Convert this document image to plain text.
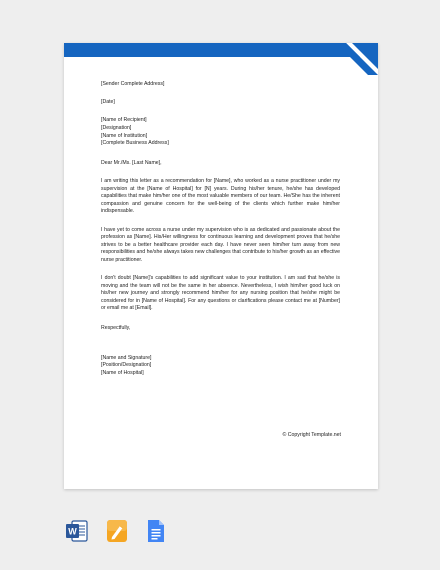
[Sender Complete Address]
[Date]
[Name of Recipient]
[Designation]
[Name of Institution]
[Complete Business Address]
Dear Mr./Ms. [Last Name],

I am writing this letter as a recommendation for [Name], who worked as a nurse practitioner under my supervision at the [Name of Hospital] for [N] years. During his/her tenure, he/she has developed capabilities that make him/her one of the most valuable members of our team. He/She has the inherent compassion and genuine concern for the well-being of the clients which further make him/her indispensable.

I have yet to come across a nurse under my supervision who is as dedicated and passionate about the profession as [Name]. His/Her willingness for continuous learning and development proves that he/she strives to be a better healthcare provider each day. I have never seen him/her turn away from new responsibilities and he/she always takes new challenges that contribute to his/her growth as an effective nurse practitioner.

I don't doubt [Name]'s capabilities to add significant value to your institution. I am sad that he/she is moving and the team will not be the same in her absence. Nevertheless, I wish him/her good luck on his/her new journey and strongly recommend him/her for any nursing position that he/she might be considered for in [Name of Hospital]. For any questions or clarifications please contact me at [Number] or email me at [Email].

Respectfully,
[Name and Signature]
[Position/Designation]
[Name of Hospital]
© Copyright Template.net
W
